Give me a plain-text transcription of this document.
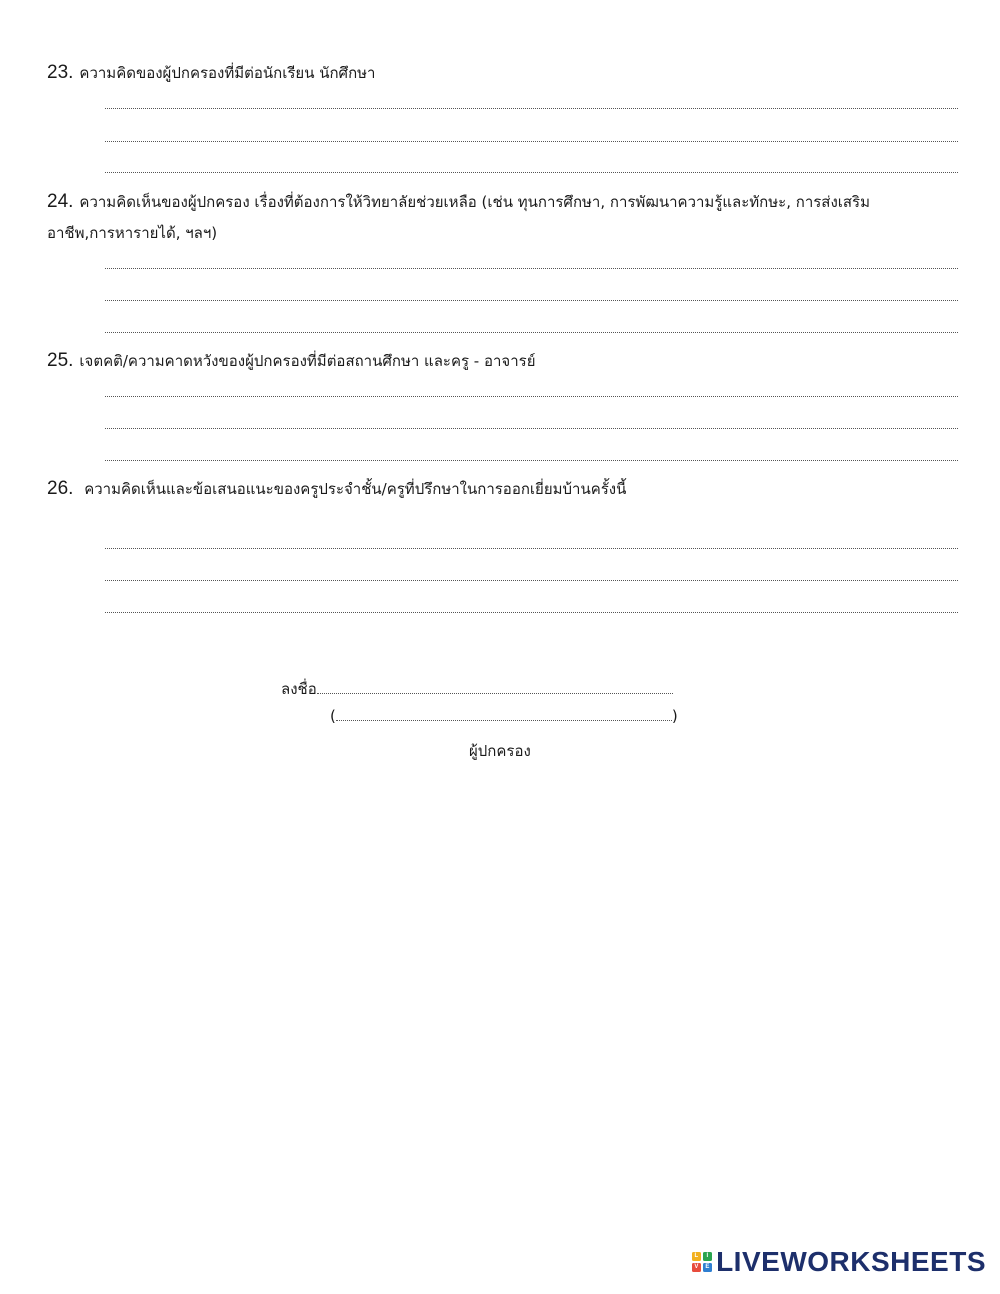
23. ความคิดของผู้ปกครองที่มีต่อนักเรียน นักศึกษา
24. ความคิดเห็นของผู้ปกครอง เรื่องที่ต้องการให้วิทยาลัยช่วยเหลือ (เช่น ทุนการศึกษา, การพัฒนาความรู้และทักษะ, การส่งเสริม
อาชีพ,การหารายได้, ฯลฯ)
25. เจตคติ/ความคาดหวังของผู้ปกครองที่มีต่อสถานศึกษา และครู - อาจารย์
26. ความคิดเห็นและข้อเสนอแนะของครูประจำชั้น/ครูที่ปรึกษาในการออกเยี่ยมบ้านครั้งนี้
ลงชื่อ
(	)
ผู้ปกครอง
L	I
V	E LIVEWORKSHEETS
